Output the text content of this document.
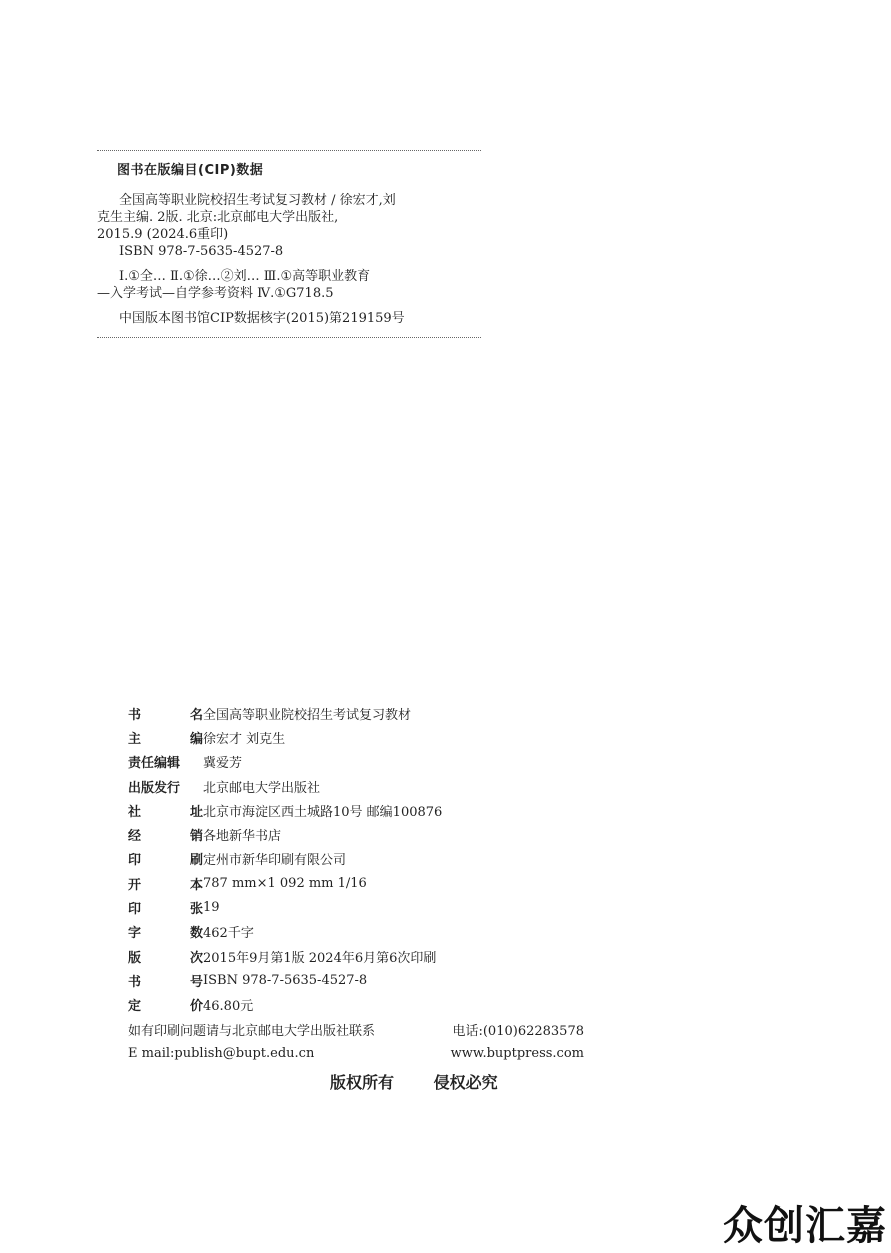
图书在版编目(CIP)数据

全国高等职业院校招生考试复习教材 / 徐宏才,刘

克生主编. 2版. 北京:北京邮电大学出版社,

2015.9 (2024.6重印)

ISBN 978-7-5635-4527-8

Ⅰ.①全… Ⅱ.①徐…②刘… Ⅲ.①高等职业教育

—入学考试—自学参考资料 Ⅳ.①G718.5

中国版本图书馆CIP数据核字(2015)第219159号

书	名 全国高等职业院校招生考试复习教材
主	编 徐宏才 刘克生
责任编辑 冀爱芳
出版发行 北京邮电大学出版社
社	址 北京市海淀区西土城路10号 邮编100876
经	销 各地新华书店
印	刷 定州市新华印刷有限公司
开	本 787 mm×1 092 mm 1/16
印	张 19
字	数 462千字
版	次 2015年9月第1版 2024年6月第6次印刷
书	号 ISBN 978-7-5635-4527-8
定	价 46.80元
如有印刷问题请与北京邮电大学出版社联系	电话:(010)62283578
E mail:publish@bupt.edu.cn	www.buptpress.com
版权所有 侵权必究
众创汇嘉
